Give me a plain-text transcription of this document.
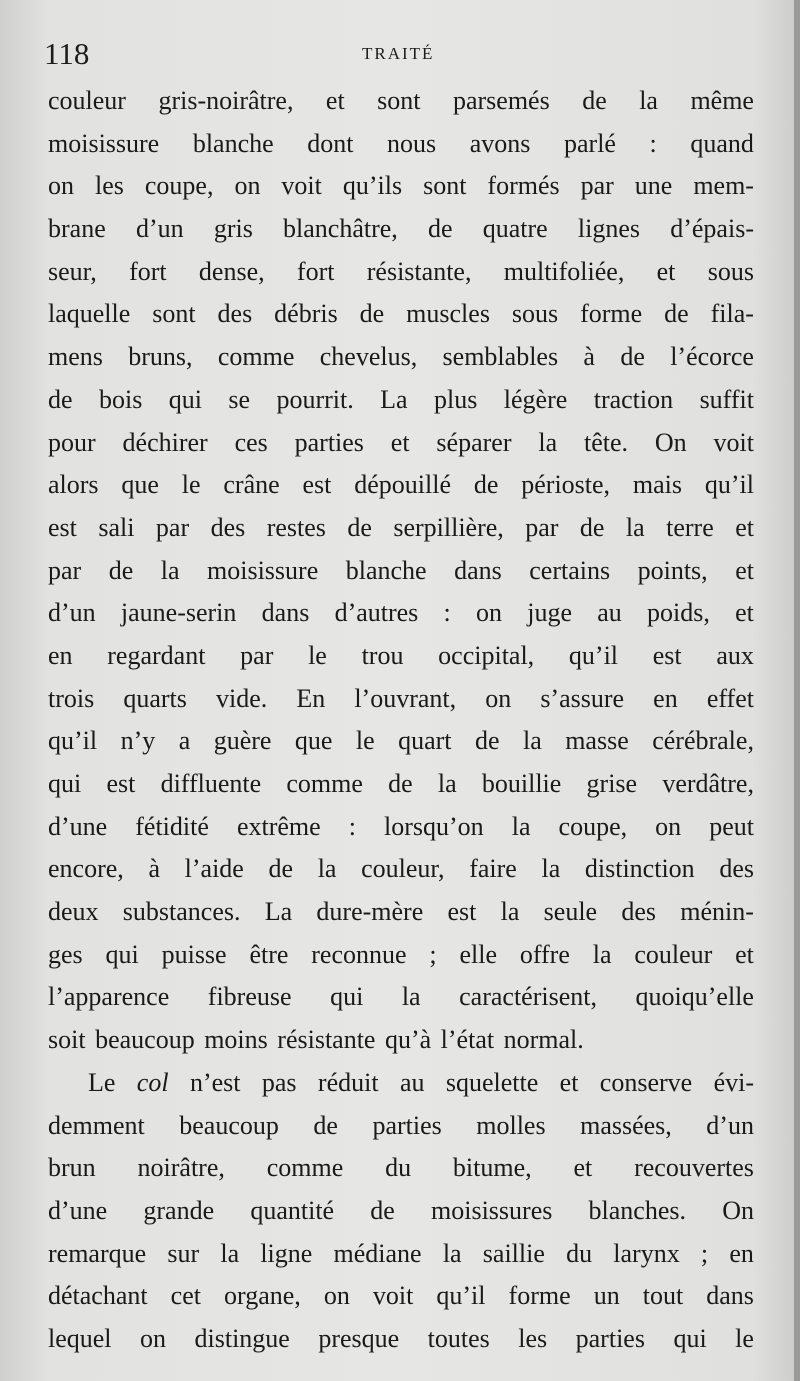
118	TRAITÉ
couleur gris-noirâtre, et sont parsemés de la même
moisissure blanche dont nous avons parlé : quand
on les coupe, on voit qu’ils sont formés par une mem-
brane d’un gris blanchâtre, de quatre lignes d’épais-
seur, fort dense, fort résistante, multifoliée, et sous
laquelle sont des débris de muscles sous forme de fila-
mens bruns, comme chevelus, semblables à de l’écorce
de bois qui se pourrit. La plus légère traction suffit
pour déchirer ces parties et séparer la tête. On voit
alors que le crâne est dépouillé de périoste, mais qu’il
est sali par des restes de serpillière, par de la terre et
par de la moisissure blanche dans certains points, et
d’un jaune-serin dans d’autres : on juge au poids, et
en regardant par le trou occipital, qu’il est aux
trois quarts vide. En l’ouvrant, on s’assure en effet
qu’il n’y a guère que le quart de la masse cérébrale,
qui est diffluente comme de la bouillie grise verdâtre,
d’une fétidité extrême : lorsqu’on la coupe, on peut
encore, à l’aide de la couleur, faire la distinction des
deux substances. La dure-mère est la seule des ménin-
ges qui puisse être reconnue ; elle offre la couleur et
l’apparence fibreuse qui la caractérisent, quoiqu’elle
soit beaucoup moins résistante qu’à l’état normal.
Le col n’est pas réduit au squelette et conserve évi-
demment beaucoup de parties molles massées, d’un
brun noirâtre, comme du bitume, et recouvertes
d’une grande quantité de moisissures blanches. On
remarque sur la ligne médiane la saillie du larynx ; en
détachant cet organe, on voit qu’il forme un tout dans
lequel on distingue presque toutes les parties qui le
